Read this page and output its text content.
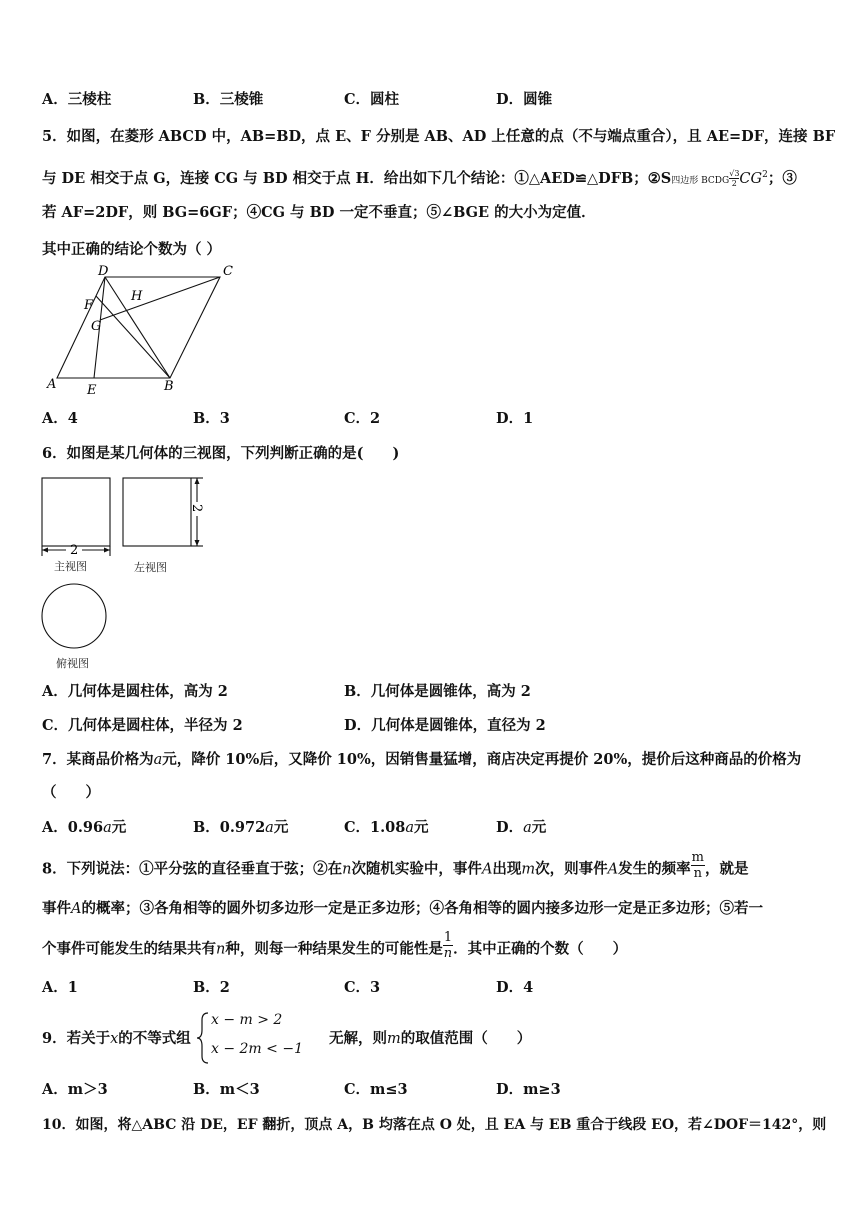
A．三棱柱	B．三棱锥	C．圆柱	D．圆锥
5．如图，在菱形 ABCD 中，AB=BD，点 E、F 分别是 AB、AD 上任意的点（不与端点重合），且 AE=DF，连接 BF
与 DE 相交于点 G，连接 CG 与 BD 相交于点 H．给出如下几个结论：①△AED≌△DFB；②S四边形 BCDG $\frac{√3}{2} CG^2$；③
若 AF=2DF，则 BG=6GF；④CG 与 BD 一定不垂直；⑤∠BGE 的大小为定值．
其中正确的结论个数为（ ）
D	C
H
F
G
A E	B
A．4	B．3	C．2	D．1
6．如图是某几何体的三视图，下列判断正确的是(　　)
2
2
主视图	左视图
俯视图
A．几何体是圆柱体，高为 2	B．几何体是圆锥体，高为 2
C．几何体是圆柱体，半径为 2	D．几何体是圆锥体，直径为 2
7．某商品价格为a元，降价 10%后，又降价 10%，因销售量猛增，商店决定再提价 20%，提价后这种商品的价格为
（　　）
A．0.96a元	B．0.972a元	C．1.08a元	D．a元
8．下列说法：①平分弦的直径垂直于弦；②在n次随机实验中，事件A出现m次，则事件A发生的频率 $\frac{m}{n}$ ，就是
事件A的概率；③各角相等的圆外切多边形一定是正多边形；④各角相等的圆内接多边形一定是正多边形；⑤若一
个事件可能发生的结果共有n种，则每一种结果发生的可能性是 $\frac{1}{n}$ ．其中正确的个数（　　）
A．1	B．2	C．3	D．4
9．若关于x的不等式组
x − m > 2
x − 2m < −1
无解，则m的取值范围（　　）
A．m＞3	B．m＜3	C．m≤3	D．m≥3
10．如图，将△ABC 沿 DE，EF 翻折，顶点 A，B 均落在点 O 处，且 EA 与 EB 重合于线段 EO，若∠DOF＝142°，则
